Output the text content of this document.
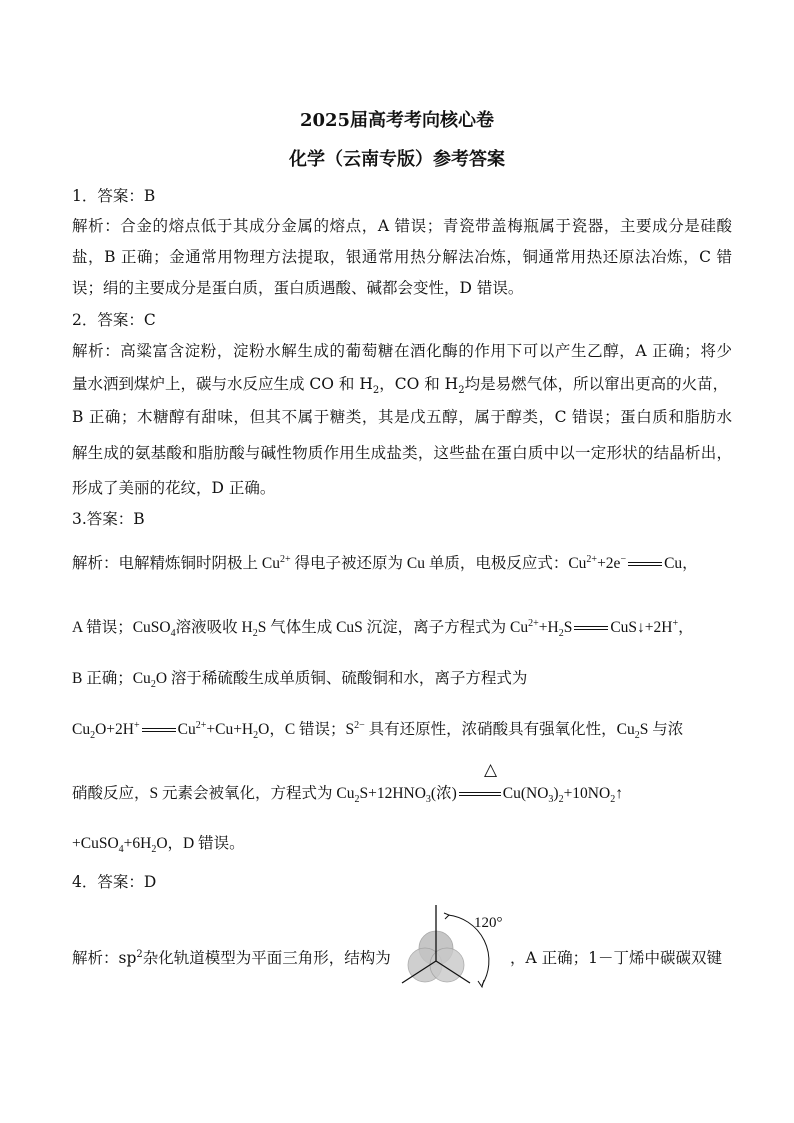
2025届高考考向核心卷
化学（云南专版）参考答案
1．答案：B
解析：合金的熔点低于其成分金属的熔点，A 错误；青瓷带盖梅瓶属于瓷器，主要成分是硅酸
盐，B 正确；金通常用物理方法提取，银通常用热分解法冶炼，铜通常用热还原法冶炼，C 错
误；绢的主要成分是蛋白质，蛋白质遇酸、碱都会变性，D 错误。
2．答案：C
解析：高粱富含淀粉，淀粉水解生成的葡萄糖在酒化酶的作用下可以产生乙醇，A 正确；将少
量水洒到煤炉上，碳与水反应生成 CO 和 $H_2$，CO 和 $H_2$均是易燃气体，所以窜出更高的火苗，
B 正确；木糖醇有甜味，但其不属于糖类，其是戊五醇，属于醇类，C 错误；蛋白质和脂肪水
解生成的氨基酸和脂肪酸与碱性物质作用生成盐类，这些盐在蛋白质中以一定形状的结晶析出，
形成了美丽的花纹，D 正确。
3.答案：B
解析：电解精炼铜时阴极上 $Cu^{2+}$ 得电子被还原为 Cu 单质，电极反应式：$Cu^{2+}+2e^-$ Cu，
A 错误；CuSO$_4$溶液吸收 $H_2S$ 气体生成 CuS 沉淀，离子方程式为 $Cu^{2+}+H_2S$ CuS↓+2H+，
B 正确；$Cu_2O$ 溶于稀硫酸生成单质铜、硫酸铜和水，离子方程式为
$Cu_2O+2H^+$ $Cu^{2+}+Cu+H_2O$，C 错误；$S^{2-}$ 具有还原性，浓硝酸具有强氧化性，$Cu_2S$ 与浓
△
硝酸反应，S 元素会被氧化，方程式为 $Cu_2S+12HNO_3$(浓)	$Cu(NO_3)_2+10NO_2↑$
$+CuSO_4+6H_2O$，D 错误。
4．答案：D
解析：$sp^2$杂化轨道模型为平面三角形，结构为	，A 正确；1－丁烯中碳碳双键
120°
